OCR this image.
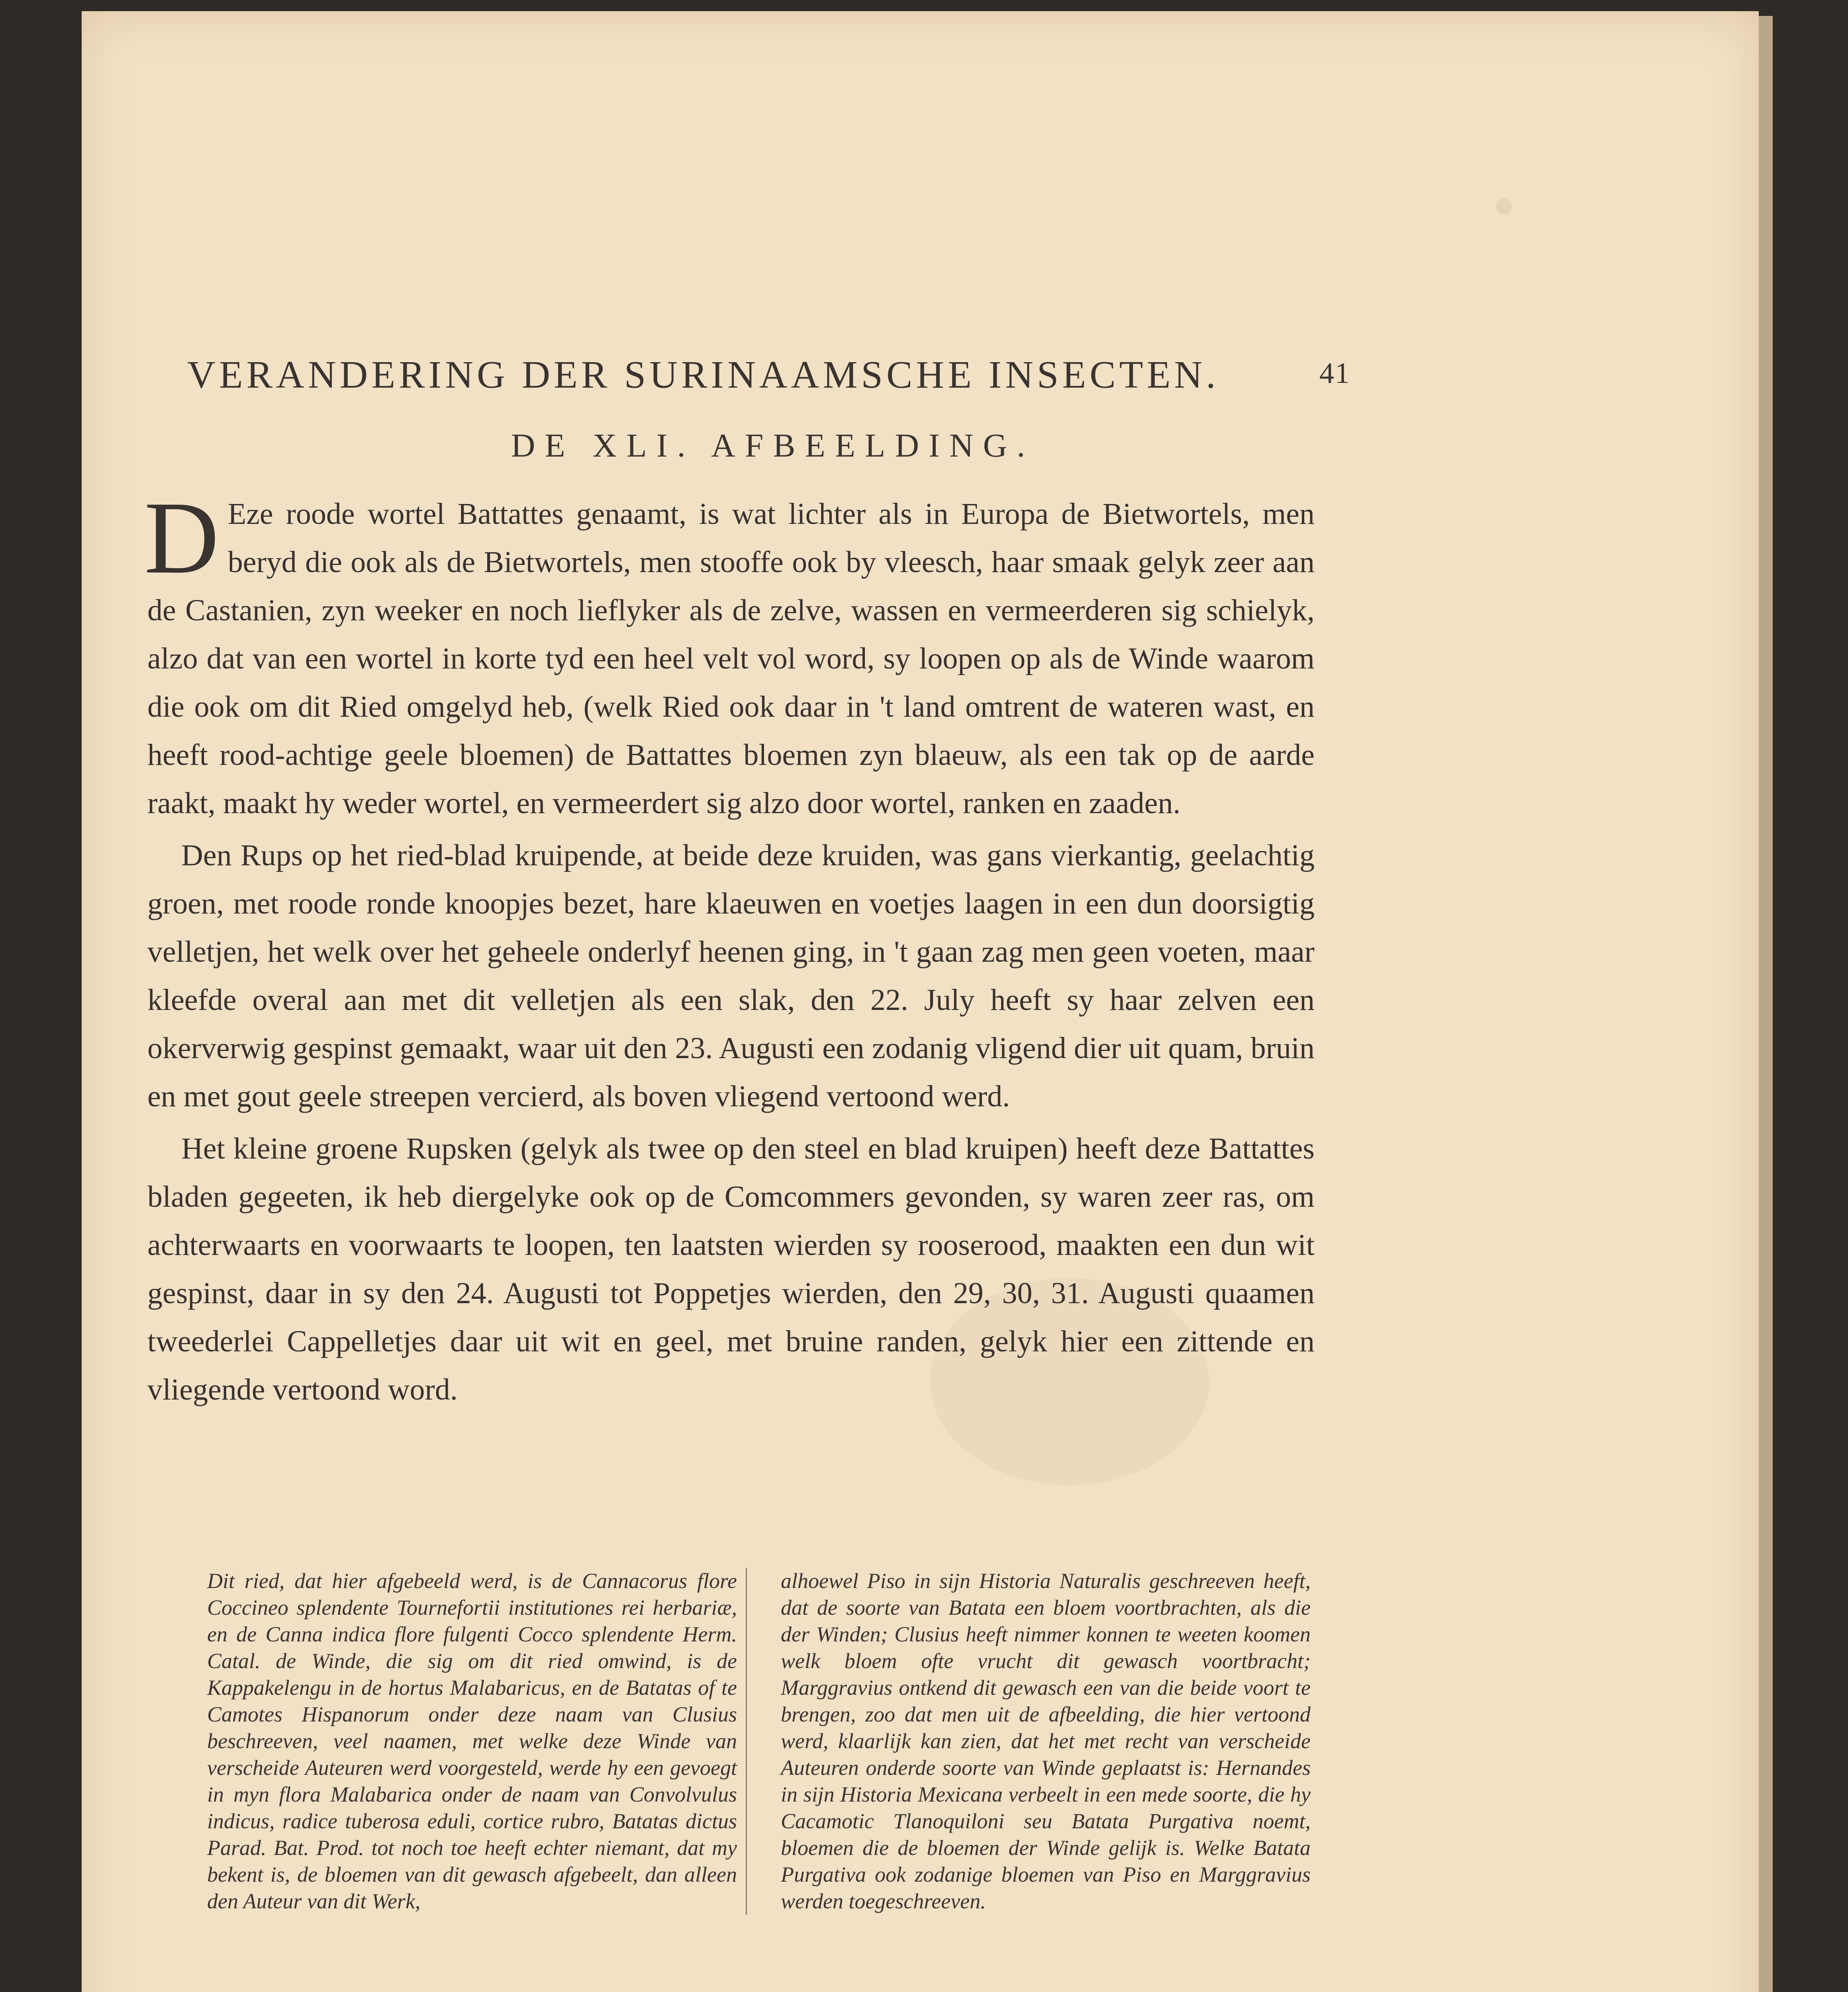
VERANDERING DER SURINAAMSCHE INSECTEN.	41
DE XLI. AFBEELDING.

D Eze roode wortel Battattes genaamt, is wat lichter als in Europa de Bietwortels, men beryd die ook als de Bietwortels, men stooffe ook by vleesch, haar smaak gelyk zeer aan de Castanien, zyn weeker en noch lieflyker als de zelve, wassen en vermeerderen sig schielyk, alzo dat van een wortel in korte tyd een heel velt vol word, sy loopen op als de Winde waarom die ook om dit Ried omgelyd heb, (welk Ried ook daar in 't land omtrent de wateren wast, en heeft rood-achtige geele bloemen) de Battattes bloemen zyn blaeuw, als een tak op de aarde raakt, maakt hy weder wortel, en vermeerdert sig alzo door wortel, ranken en zaaden.

Den Rups op het ried-blad kruipende, at beide deze kruiden, was gans vierkantig, geelachtig groen, met roode ronde knoopjes bezet, hare klaeuwen en voetjes laagen in een dun doorsigtig velletjen, het welk over het geheele onderlyf heenen ging, in 't gaan zag men geen voeten, maar kleefde overal aan met dit velletjen als een slak, den 22. July heeft sy haar zelven een okerverwig gespinst gemaakt, waar uit den 23. Augusti een zodanig vligend dier uit quam, bruin en met gout geele streepen vercierd, als boven vliegend vertoond werd.

Het kleine groene Rupsken (gelyk als twee op den steel en blad kruipen) heeft deze Battattes bladen gegeeten, ik heb diergelyke ook op de Comcommers gevonden, sy waren zeer ras, om achterwaarts en voorwaarts te loopen, ten laatsten wierden sy rooserood, maakten een dun wit gespinst, daar in sy den 24. Augusti tot Poppetjes wierden, den 29, 30, 31. Augusti quaamen tweederlei Cappelletjes daar uit wit en geel, met bruine randen, gelyk hier een zittende en vliegende vertoond word.

Dit ried, dat hier afgebeeld werd, is de Cannacorus flore Coccineo splendente Tournefortii institutiones rei herbariæ, en de Canna indica flore fulgenti Cocco splendente Herm. Catal. de Winde, die sig om dit ried omwind, is de Kappakelengu in de hortus Malabaricus, en de Batatas of te Camotes Hispanorum onder deze naam van Clusius beschreeven, veel naamen, met welke deze Winde van verscheide Auteuren werd voorgesteld, werde hy een gevoegt in myn flora Malabarica onder de naam van Convolvulus indicus, radice tuberosa eduli, cortice rubro, Batatas dictus Parad. Bat. Prod. tot noch toe heeft echter niemant, dat my bekent is, de bloemen van dit gewasch afgebeelt, dan alleen den Auteur van dit Werk,
alhoewel Piso in sijn Historia Naturalis geschreeven heeft, dat de soorte van Batata een bloem voortbrachten, als die der Winden; Clusius heeft nimmer konnen te weeten koomen welk bloem ofte vrucht dit gewasch voortbracht; Marggravius ontkend dit gewasch een van die beide voort te brengen, zoo dat men uit de afbeelding, die hier vertoond werd, klaarlijk kan zien, dat het met recht van verscheide Auteuren onderde soorte van Winde geplaatst is: Hernandes in sijn Historia Mexicana verbeelt in een mede soorte, die hy Cacamotic Tlanoquiloni seu Batata Purgativa noemt, bloemen die de bloemen der Winde gelijk is. Welke Batata Purgativa ook zodanige bloemen van Piso en Marggravius werden toegeschreeven.
